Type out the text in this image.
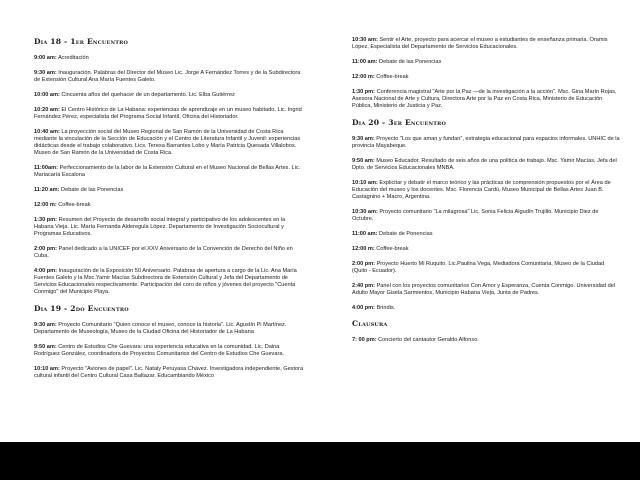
Dia 18 - 1er Encuentro
9:00 am: Acreditación
9:30 am: Inauguración. Palabras del Director del Museo Lic. Jorge A Fernández Torres y de la Subdirectora de Extensión Cultural Ana María Fuentes Galeto.
10:00 am: Cincuenta años del quehacer de un departamento. Lic. Elba Gutiérrez
10:20 am: El Centro Histórico de La Habana: experiencias de aprendizaje en un museo habitado. Lic. Ingrid Fernández Pérez, especialista del Programa Social Infantil, Oficina del Historiador.
10:40 am: La proyección social del Museo Regional de San Ramón de la Universidad de Costa Rica mediante la vinculación de la Sección de Educación y el Centro de Literatura Infantil y Juvenil: experiencias didácticas desde el trabajo colaborativo. Lics. Teresa Barrantes Lobo y María Patricia Quesada Villalobos. Museo de San Ramón de la Universidad de Costa Rica.
11:00am: Perfeccionamiento de la labor de la Extensión Cultural en el Museo Nacional de Bellas Artes. Lic. Mariacaría Escalona
11:20 am: Debate de las Ponencias
12:00 m: Coffee-break
1:30 pm: Resumen del Proyecto de desarrollo social integral y participativo de los adolescentes en la Habana Vieja. Lic. María Fernanda Alderegula López. Departamento de Investigación Sociocultural y Programas Educativos.
2:00 pm: Panel dedicado a la UNICEF por el XXV Aniversario de la Convención de Derecho del Niño en Cuba.
4:00 pm: Inauguración de la Exposición 50 Aniversario. Palabras de apertura a cargo de la Lic. Ana María Fuentes Galeto y la Msc.Yamir Macías Subdirectora de Extensión Cultural y Jefa del Departamento de Servicios Educacionales respectivamente. Participación del coro de niños y jóvenes del proyecto "Cuenta Conmigo" del Municipio Playa.
Dia 19 - 2do Encuentro
9:30 am: Proyecto Comunitario "Quien conoce el museo, conoce la historia". Lic. Agustín Pi Martínez. Departamento de Museología, Museo de la Ciudad Oficina del Historiador de La Habana
9:50 am: Centro de Estudios Che Guevara: una experiencia educativa en la comunidad. Lic. Daina Rodríguez González, coordinadora de Proyectos Comunitarios del Centro de Estudios Che Guevara.
10:10 am: Proyecto "Aviones de papel". Lic. Nataly Peruyasa Chávez. Investigadora independiente, Gestora cultural infantil del Centro Cultural Casa Baltazar. Educambiando México
10:30 am: Sentir el Arte, proyecto para acercar el museo a estudiantes de enseñanza primaria. Oramis López, Especialista del Departamento de Servicios Educacionales.
11:00 am: Debate de las Ponencias
12:00 m: Coffee-break
1:30 pm: Conferencia magistral "Arte por la Paz —de la investigación a la acción". Msc. Gina Marín Rojas, Asesora Nacional de Arte y Cultura, Directora Arte por la Paz en Costa Rica, Ministerio de Educación Pública, Ministerio de Justicia y Paz.
Dia 20 - 3er Encuentro
9:30 am: Proyecto "Los que aman y fundan", estrategia educacional para espacios informales. UNHIC de la provincia Mayabeque.
9:50 am: Museo Educador. Resultado de seis años de una política de trabajo. Msc. Yamir Macías, Jefa del Dpto. de Servicios Educacionales MNBA.
10:10 am: Explicitar y debatir el marco teórico y las prácticas de comprensión propuestos por el Área de Educación del museo y los docentes. Msc. Florencia Cardú, Museo Municipal de Bellas Artes Juan B. Castagnino + Macro, Argentina.
10:30 am: Proyecto comunitario "La milagrosa" Lic. Sonia Felicia Algudín Trujillo. Municipio Diez de Octubre.
11:00 am: Debate de Ponencias
12:00 m: Coffee-break
2:00 pm: Proyecto Huerto Mi Ruquito. Lic.Paulina Vega, Mediadora Comunitaria, Museo de la Ciudad (Quito - Ecuador).
2:40 pm: Panel con los proyectos comunitarios Con Amor y Esperanza, Cuenta Conmigo. Universidad del Adulto Mayor Gisela Sarmientos, Municipio Habana Vieja, Junta de Padres.
4:00 pm: Brindis.
Clausura
7: 00 pm: Concierto del cantautor Geraldo Alfonso.
